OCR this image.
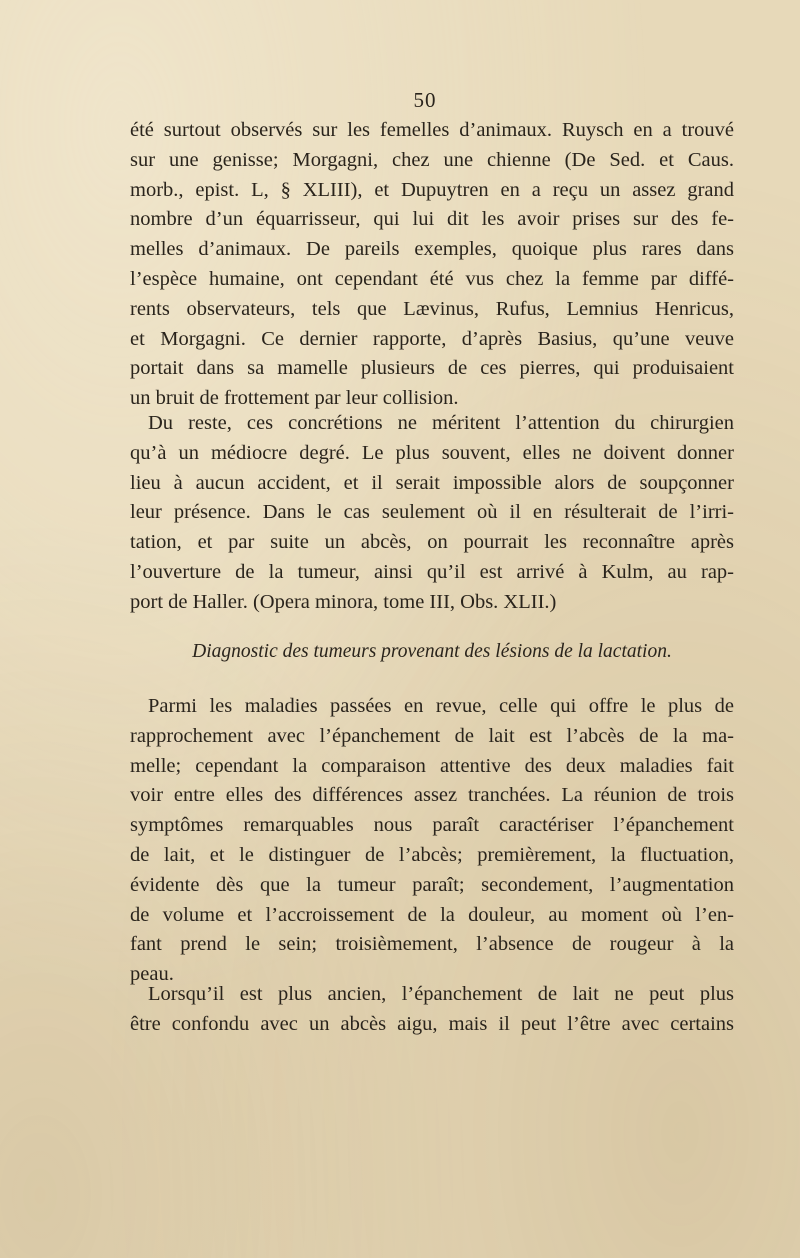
50
été surtout observés sur les femelles d’animaux. Ruysch en a trouvé
sur une genisse; Morgagni, chez une chienne (De Sed. et Caus.
morb., epist. L, § XLIII), et Dupuytren en a reçu un assez grand
nombre d’un équarrisseur, qui lui dit les avoir prises sur des fe-
melles d’animaux. De pareils exemples, quoique plus rares dans
l’espèce humaine, ont cependant été vus chez la femme par diffé-
rents observateurs, tels que Lævinus, Rufus, Lemnius Henricus,
et Morgagni. Ce dernier rapporte, d’après Basius, qu’une veuve
portait dans sa mamelle plusieurs de ces pierres, qui produisaient
un bruit de frottement par leur collision.
Du reste, ces concrétions ne méritent l’attention du chirurgien
qu’à un médiocre degré. Le plus souvent, elles ne doivent donner
lieu à aucun accident, et il serait impossible alors de soupçonner
leur présence. Dans le cas seulement où il en résulterait de l’irri-
tation, et par suite un abcès, on pourrait les reconnaître après
l’ouverture de la tumeur, ainsi qu’il est arrivé à Kulm, au rap-
port de Haller. (Opera minora, tome III, Obs. XLII.)
Diagnostic des tumeurs provenant des lésions de la lactation.
Parmi les maladies passées en revue, celle qui offre le plus de
rapprochement avec l’épanchement de lait est l’abcès de la ma-
melle; cependant la comparaison attentive des deux maladies fait
voir entre elles des différences assez tranchées. La réunion de trois
symptômes remarquables nous paraît caractériser l’épanchement
de lait, et le distinguer de l’abcès; premièrement, la fluctuation,
évidente dès que la tumeur paraît; secondement, l’augmentation
de volume et l’accroissement de la douleur, au moment où l’en-
fant prend le sein; troisièmement, l’absence de rougeur à la
peau.
Lorsqu’il est plus ancien, l’épanchement de lait ne peut plus
être confondu avec un abcès aigu, mais il peut l’être avec certains
